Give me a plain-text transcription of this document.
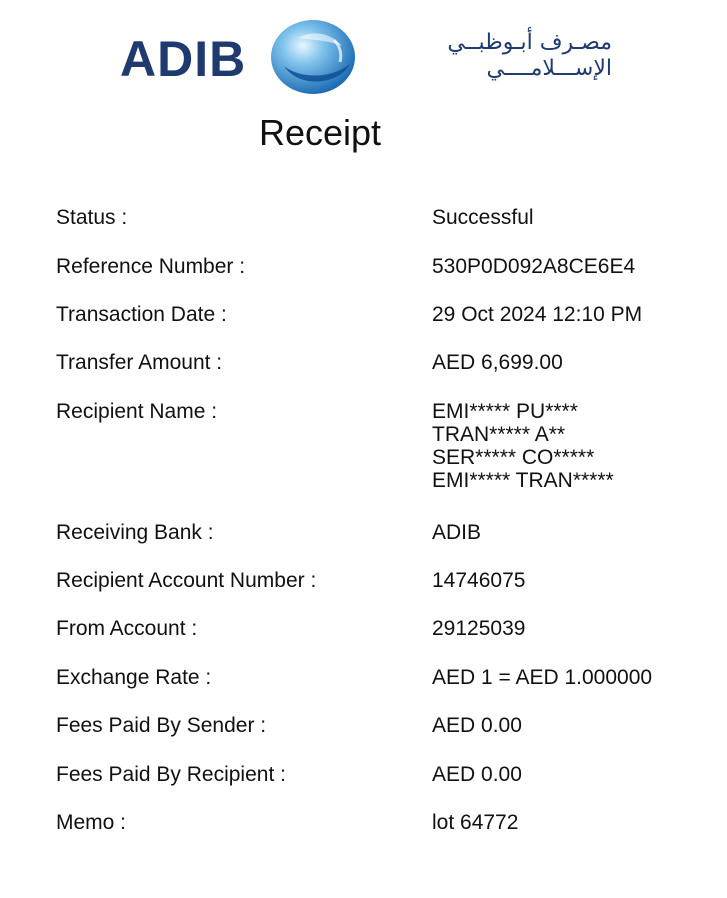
ADIB	مصـرف أبـوظبــي
الإســـلامــــي
Receipt
Status :	Successful
Reference Number :	530P0D092A8CE6E4
Transaction Date :	29 Oct 2024 12:10 PM
Transfer Amount :	AED 6,699.00
Recipient Name :	EMI***** PU****
TRAN***** A**
SER***** CO*****
EMI***** TRAN*****
Receiving Bank :	ADIB
Recipient Account Number :	14746075
From Account :	29125039
Exchange Rate :	AED 1 = AED 1.000000
Fees Paid By Sender :	AED 0.00
Fees Paid By Recipient :	AED 0.00
Memo :	lot 64772
